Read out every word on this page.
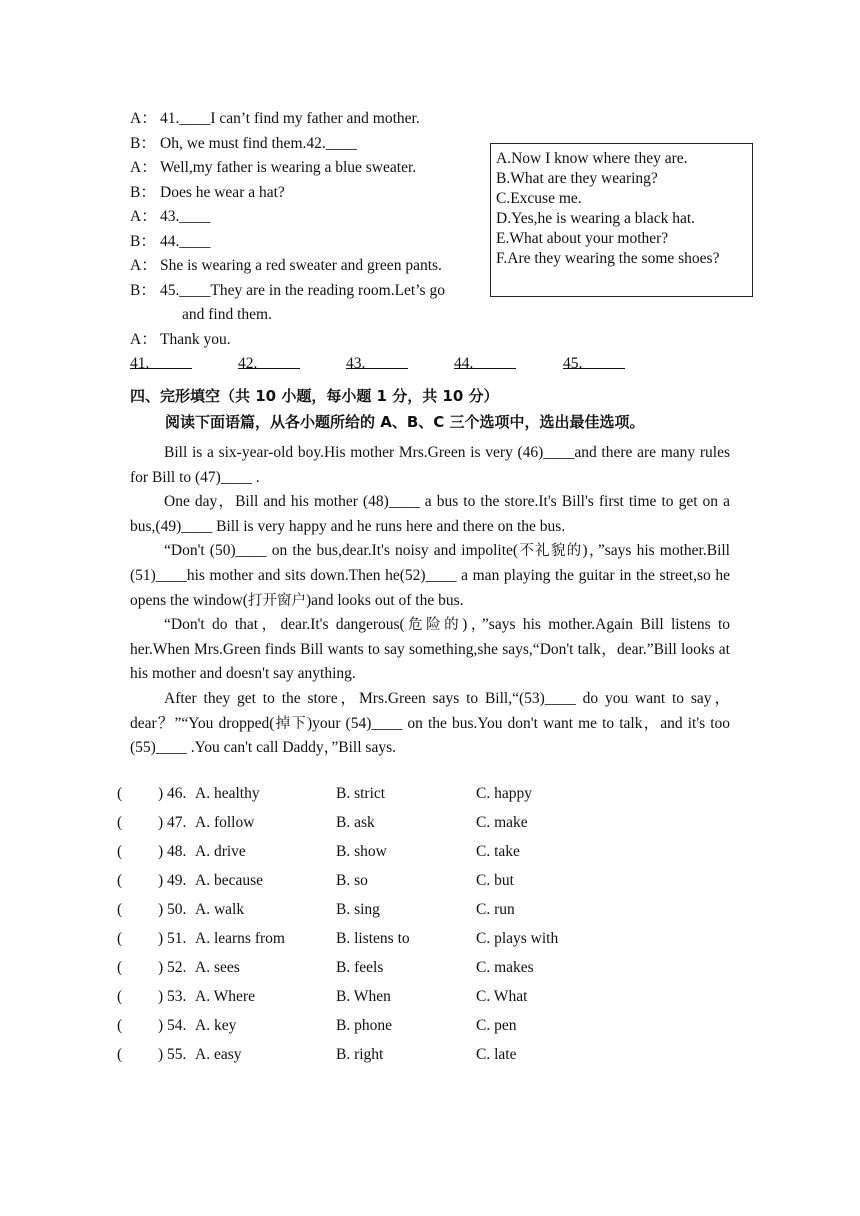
A： 41.____I can’t find my father and mother.
B： Oh, we must find them.42.____
A： Well,my father is wearing a blue sweater.
B： Does he wear a hat?
A： 43.____
B： 44.____
A： She is wearing a red sweater and green pants.
B： 45.____They are in the reading room.Let’s go
and find them.
A： Thank you.
A.Now I know where they are.
B.What are they wearing?
C.Excuse me.
D.Yes,he is wearing a black hat.
E.What about your mother?
F.Are they wearing the some shoes?
41.	42.	43.	44.	45.
四、完形填空（共 10 小题，每小题 1 分，共 10 分）
阅读下面语篇，从各小题所给的 A、B、C 三个选项中，选出最佳选项。

Bill is a six-year-old boy.His mother Mrs.Green is very (46)____and there are many rules for Bill to (47)____ .

One day，Bill and his mother (48)____ a bus to the store.It's Bill's first time to get on a bus,(49)____ Bill is very happy and he runs here and there on the bus.

“Don't (50)____ on the bus,dear.It's noisy and impolite(不礼貌的)，”says his mother.Bill (51)____his mother and sits down.Then he(52)____ a man playing the guitar in the street,so he opens the window(打开窗户)and looks out of the bus.

“Don't do that，dear.It's dangerous(危险的)，”says his mother.Again Bill listens to her.When Mrs.Green finds Bill wants to say something,she says,“Don't talk，dear.”Bill looks at his mother and doesn't say anything.

After they get to the store，Mrs.Green says to Bill,“(53)____ do you want to say，dear？”“You dropped(掉下)your (54)____ on the bus.You don't want me to talk，and it's too (55)____ .You can't call Daddy，”Bill says.

( ) 46. A. healthy	B. strict	C. happy
( ) 47. A. follow	B. ask	C. make
( ) 48. A. drive	B. show	C. take
( ) 49. A. because	B. so	C. but
( ) 50. A. walk	B. sing	C. run
( ) 51. A. learns from	B. listens to	C. plays with
( ) 52. A. sees	B. feels	C. makes
( ) 53. A. Where	B. When	C. What
( ) 54. A. key	B. phone	C. pen
( ) 55. A. easy	B. right	C. late
